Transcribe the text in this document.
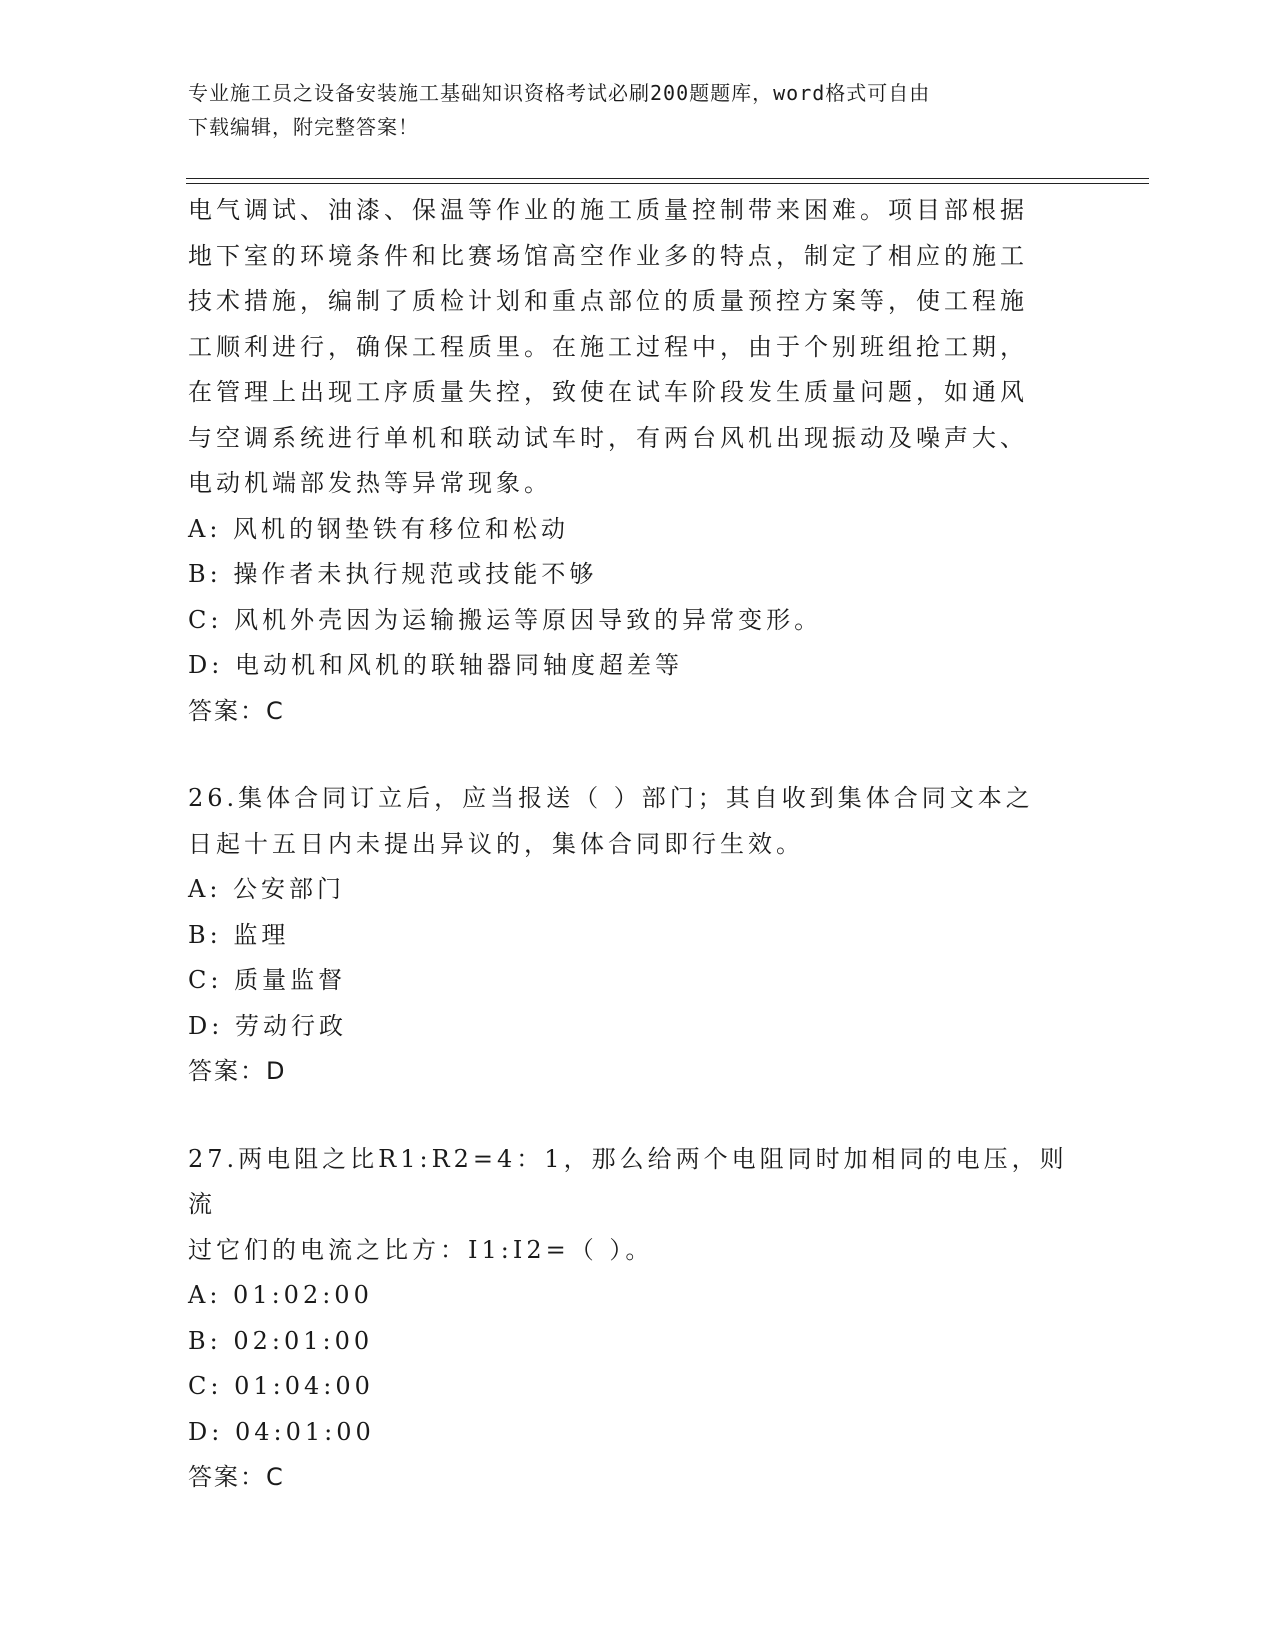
专业施工员之设备安装施工基础知识资格考试必刷200题题库，word格式可自由
下载编辑，附完整答案！

电气调试、油漆、保温等作业的施工质量控制带来困难。项目部根据

地下室的环境条件和比赛场馆高空作业多的特点，制定了相应的施工

技术措施，编制了质检计划和重点部位的质量预控方案等，使工程施

工顺利进行，确保工程质里。在施工过程中，由于个别班组抢工期，

在管理上出现工序质量失控，致使在试车阶段发生质量问题，如通风

与空调系统进行单机和联动试车时，有两台风机出现振动及噪声大、

电动机端部发热等异常现象。

A: 风机的钢垫铁有移位和松动

B: 操作者未执行规范或技能不够

C: 风机外壳因为运输搬运等原因导致的异常变形。

D: 电动机和风机的联轴器同轴度超差等

答案：C

26.集体合同订立后，应当报送（ ）部门；其自收到集体合同文本之

日起十五日内未提出异议的，集体合同即行生效。

A: 公安部门

B: 监理

C: 质量监督

D: 劳动行政

答案：D

27.两电阻之比R1:R2=4：1，那么给两个电阻同时加相同的电压，则流

过它们的电流之比方：I1:I2=（ ）。

A: 01:02:00

B: 02:01:00

C: 01:04:00

D: 04:01:00

答案：C
